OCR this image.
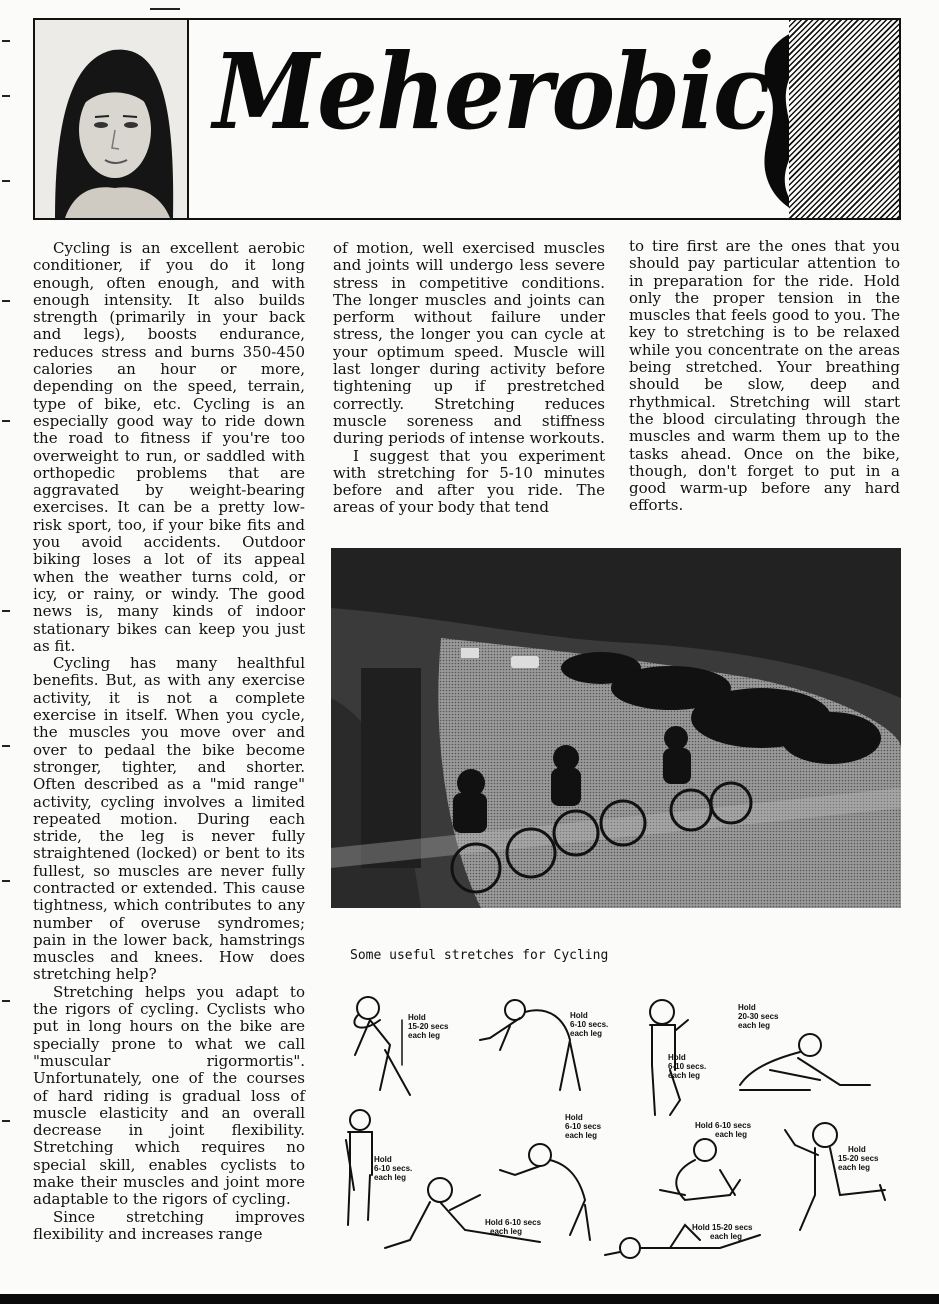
Meherobic

Cycling is an excellent aerobic conditioner, if you do it long enough, often enough, and with enough intensity. It also builds strength (primarily in your back and legs), boosts endurance, reduces stress and burns 350-450 calories an hour or more, depending on the speed, terrain, type of bike, etc. Cycling is an especially good way to ride down the road to fitness if you're too overweight to run, or saddled with orthopedic problems that are aggravated by weight-bearing exercises. It can be a pretty low-risk sport, too, if your bike fits and you avoid accidents. Outdoor biking loses a lot of its appeal when the weather turns cold, or icy, or rainy, or windy. The good news is, many kinds of indoor stationary bikes can keep you just as fit.

Cycling has many healthful benefits. But, as with any exercise activity, it is not a complete exercise in itself. When you cycle, the muscles you move over and over to pedaal the bike become stronger, tighter, and shorter. Often described as a "mid range" activity, cycling involves a limited repeated motion. During each stride, the leg is never fully straightened (locked) or bent to its fullest, so muscles are never fully contracted or extended. This cause tightness, which contributes to any number of overuse syndromes; pain in the lower back, hamstrings muscles and knees. How does stretching help?

Stretching helps you adapt to the rigors of cycling. Cyclists who put in long hours on the bike are specially prone to what we call "muscular rigormortis". Unfortunately, one of the courses of hard riding is gradual loss of muscle elasticity and an overall decrease in joint flexibility. Stretching which requires no special skill, enables cyclists to make their muscles and joint more adaptable to the rigors of cycling.

Since stretching improves flexibility and increases range

of motion, well exercised muscles and joints will undergo less severe stress in competitive conditions. The longer muscles and joints can perform without failure under stress, the longer you can cycle at your optimum speed. Muscle will last longer during activity before tightening up if prestretched correctly. Stretching reduces muscle soreness and stiffness during periods of intense workouts.

I suggest that you experiment with stretching for 5-10 minutes before and after you ride. The areas of your body that tend

to tire first are the ones that you should pay particular attention to in preparation for the ride. Hold only the proper tension in the muscles that feels good to you. The key to stretching is to be relaxed while you concentrate on the areas being stretched. Your breathing should be slow, deep and rhythmical. Stretching will start the blood circulating through the muscles and warm them up to the tasks ahead. Once on the bike, though, don't forget to put in a good warm-up before any hard efforts.

Some useful stretches for Cycling
Hold 15-20 secs each leg
Hold 6-10 secs. each leg
Hold 6-10 secs. each leg
Hold 20-30 secs each leg
Hold 6-10 secs. each leg
Hold 6-10 secs each leg
Hold 6-10 secs each leg
Hold 15-20 secs each leg
Hold 6-10 secs each leg	Hold 15-20 secs each leg
